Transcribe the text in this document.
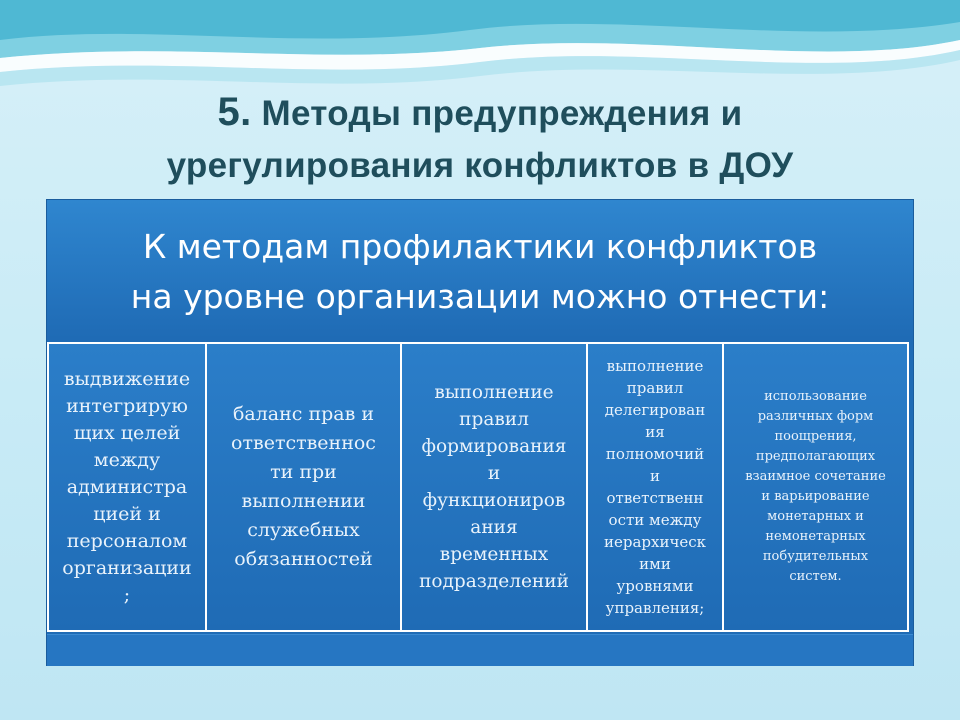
5. Методы предупреждения и
урегулирования конфликтов в ДОУ
К методам профилактики конфликтов
на уровне организации можно отнести:
выдвижение
интегрирую
щих целей
между
администра
цией и
персоналом
организации
;
баланс прав и
ответственнос
ти при
выполнении
служебных
обязанностей
выполнение
правил
формирования
и
функциониров
ания
временных
подразделений
выполнение
правил
делегирован
ия
полномочий
и
ответственн
ости между
иерархическ
ими
уровнями
управления;
использование
различных форм
поощрения,
предполагающих
взаимное сочетание
и варьирование
монетарных и
немонетарных
побудительных
систем.
